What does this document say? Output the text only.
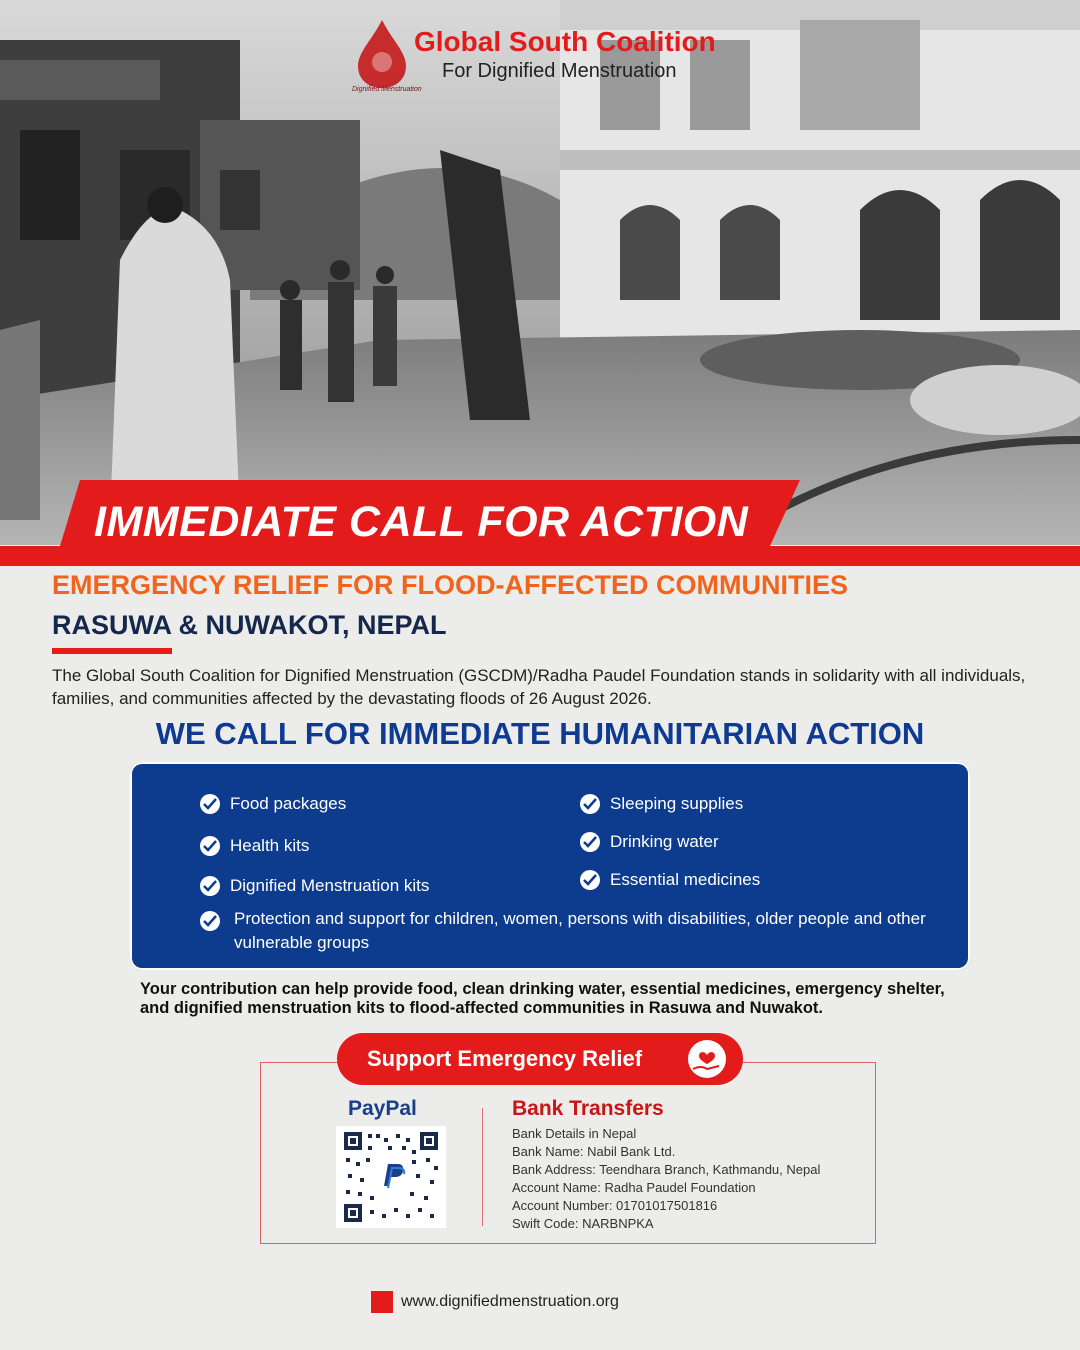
Global South Coalition
For Dignified Menstruation
Dignified Menstruation
IMMEDIATE CALL FOR ACTION
EMERGENCY RELIEF FOR FLOOD-AFFECTED COMMUNITIES
RASUWA & NUWAKOT, NEPAL
The Global South Coalition for Dignified Menstruation (GSCDM)/Radha Paudel Foundation stands in solidarity with all individuals, families, and communities affected by the devastating floods of 26 August 2026.
WE CALL FOR IMMEDIATE HUMANITARIAN ACTION
Food packages	Sleeping supplies
Health kits	Drinking water
Dignified Menstruation kits	Essential medicines
Protection and support for children, women, persons with disabilities, older people and other vulnerable groups
Your contribution can help provide food, clean drinking water, essential medicines, emergency shelter, and dignified menstruation kits to flood-affected communities in Rasuwa and Nuwakot.
Support Emergency Relief
PayPal	Bank Transfers
Bank Details in Nepal
Bank Name: Nabil Bank Ltd.
Bank Address: Teendhara Branch, Kathmandu, Nepal
Account Name: Radha Paudel Foundation
Account Number: 01701017501816
Swift Code: NARBNPKA
www.dignifiedmenstruation.org
